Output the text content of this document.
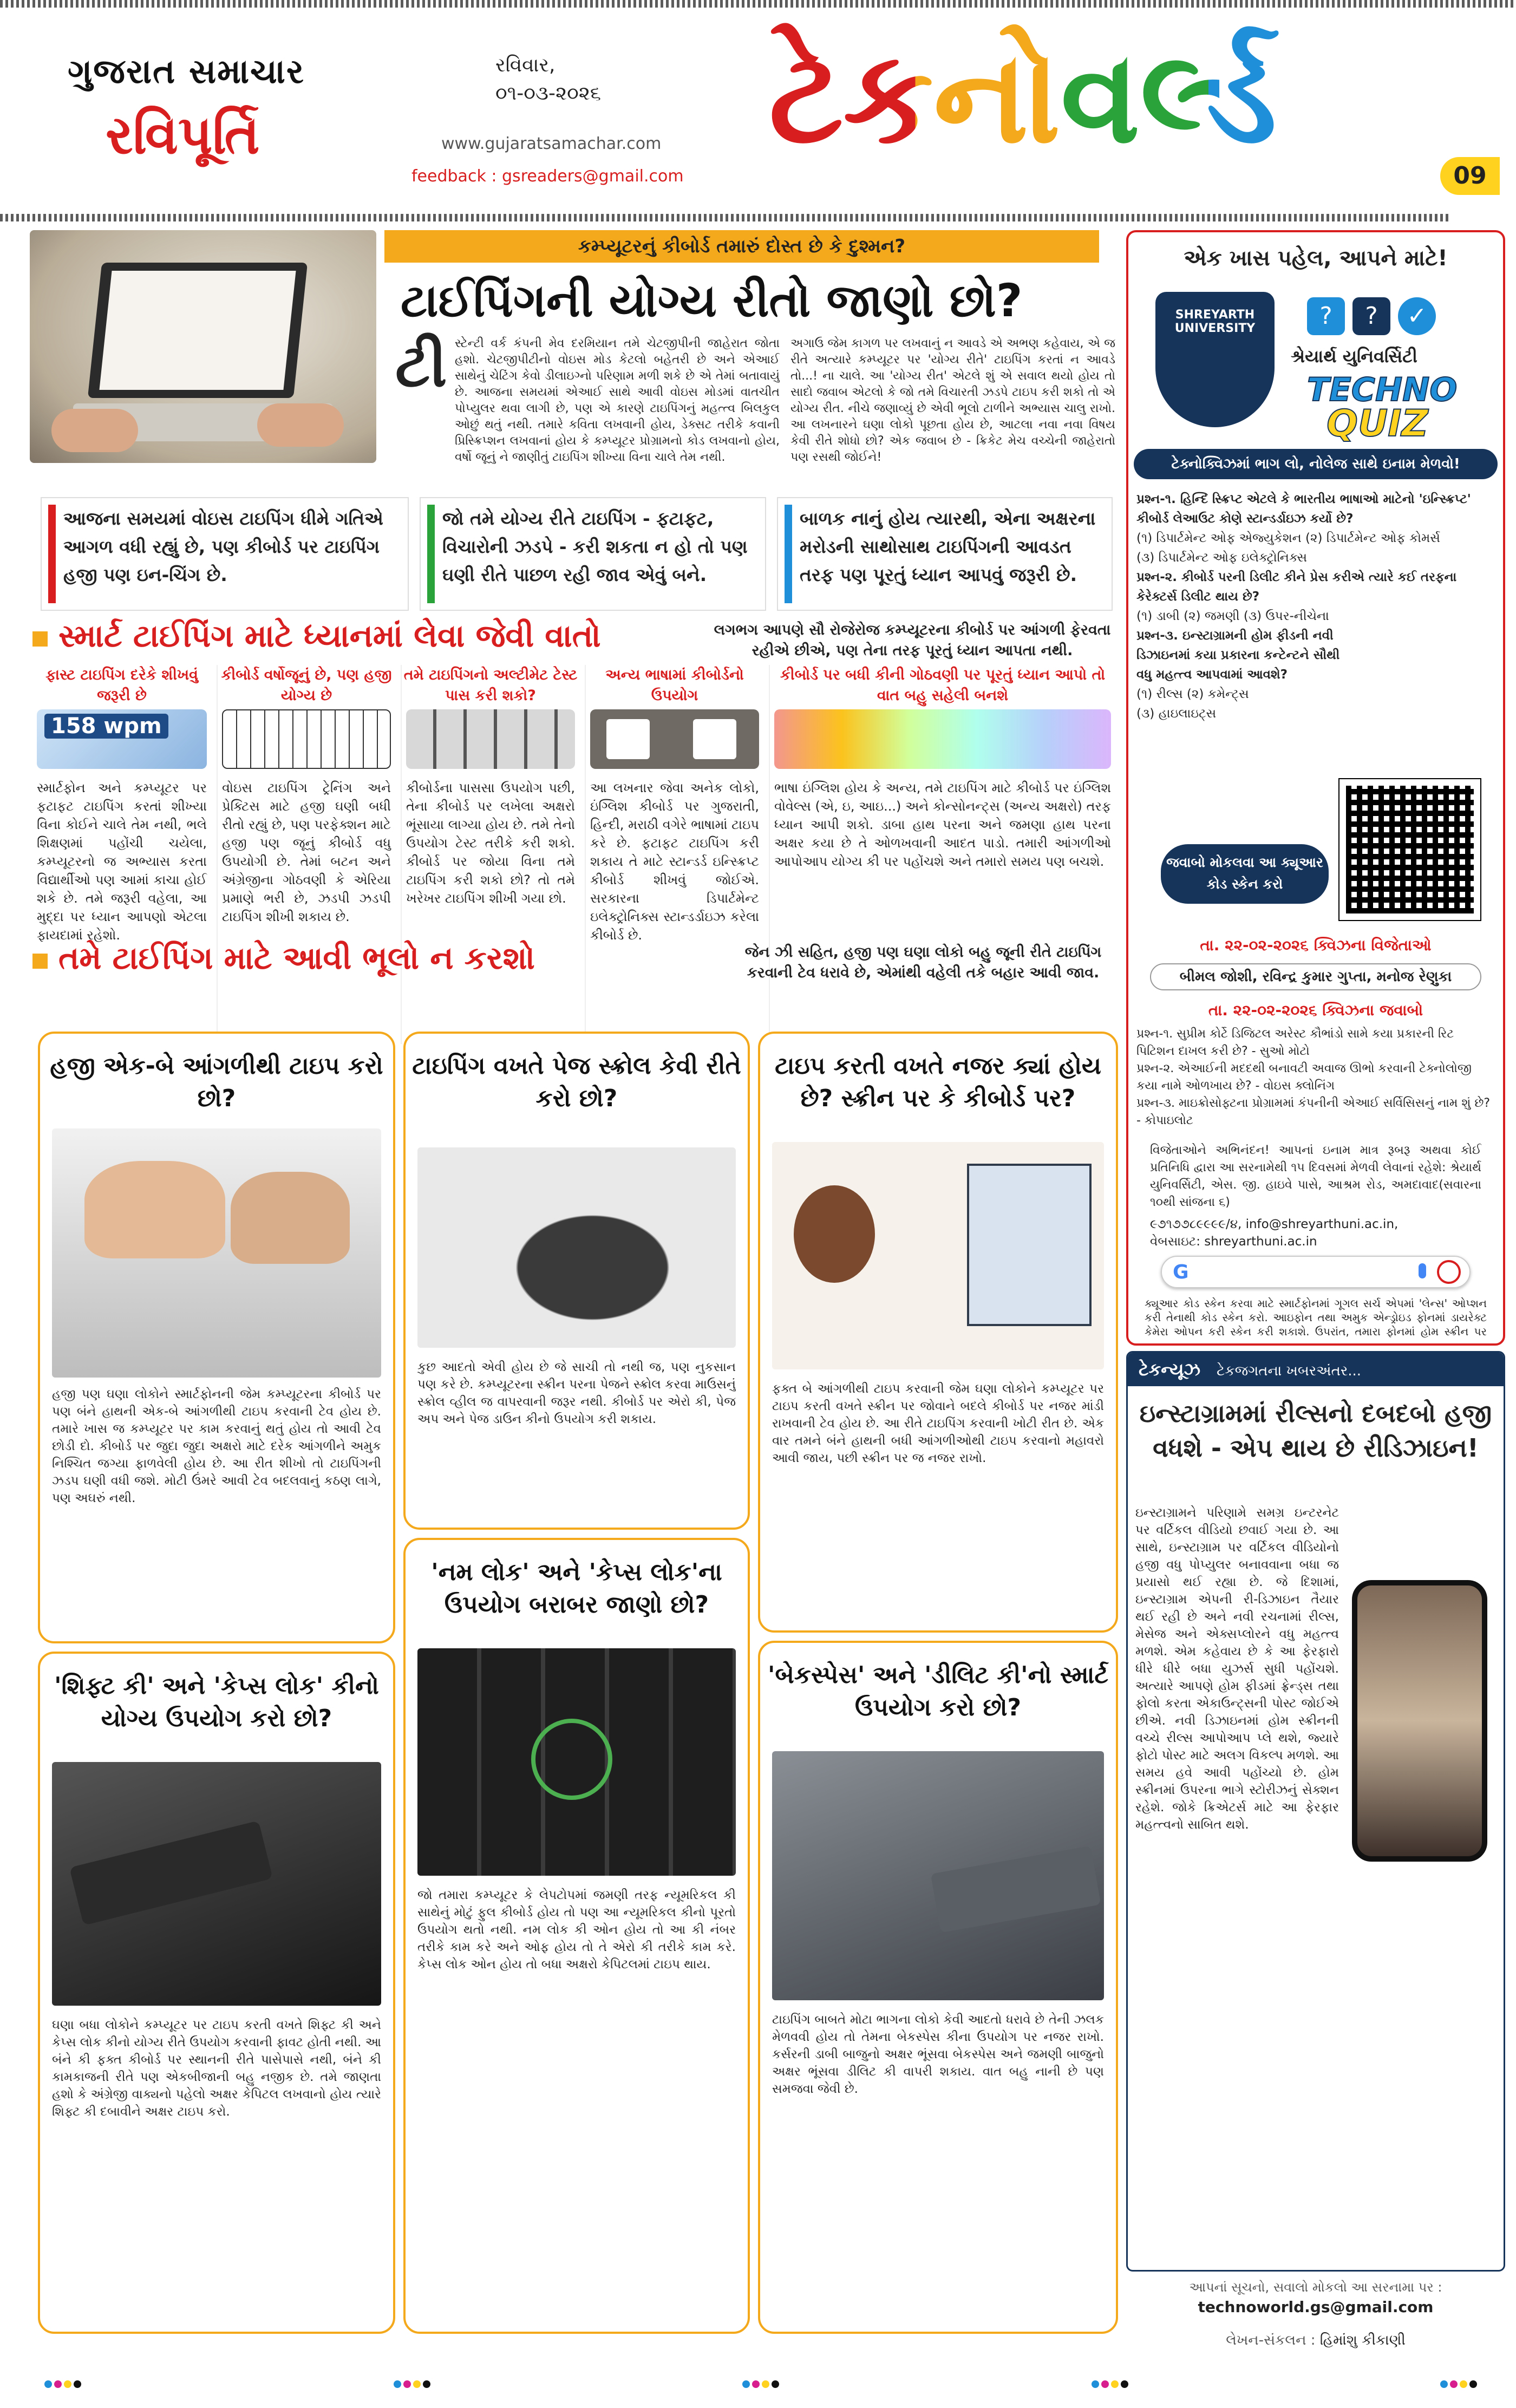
ગુજરાત સમાચાર
રવિપૂર્તિ
રવિવાર,
૦૧-૦૩-૨૦૨૬
www.gujaratsamachar.com
feedback : gsreaders@gmail.com
ટેકનોવર્લ્ડ
09
કમ્પ્યૂટરનું કીબોર્ડ તમારું દોસ્ત છે કે દુશ્મન?
ટાઈપિંગની યોગ્ય રીતો જાણો છો?
ટી સ્ટેન્ટી વર્ક કંપની મેવ દરમિયાન તમે ચેટજીપીની જાહેરાત જોતા હશો. ચેટજીપીટીનો વોઇસ મોડ કેટલો બહેતરી છે અને એઆઈ સાથેનું ચેટિંગ કેવો ડીલાઇગ્નો પરિણામ મળી શકે છે એ તેમાં બતાવાયું છે. આજના સમયમાં એઆઈ સાથે આવી વોઇસ મોડમાં વાતચીત પોપ્યુલર થવા લાગી છે, પણ એ કારણે ટાઇપિંગનું મહત્ત્વ બિલકુલ ઓછું થતું નથી. તમારે કવિતા લખવાની હોય, ડેક્સટ તરીકે કવાની પ્રિસ્ક્રિપ્શન લખવાનાં હોય કે કમ્પ્યૂટર પ્રોગ્રામનો કોડ લખવાનો હોય, વર્ષો જૂનું ને જાણીતું ટાઇપિંગ શીખ્યા વિના ચાલે તેમ નથી.
અગાઉ જેમ કાગળ પર લખવાનું ન આવડે એ અભણ કહેવાય, એ જ રીતે અત્યારે કમ્પ્યૂટર પર 'યોગ્ય રીતે' ટાઇપિંગ કરતાં ન આવડે તો...! ના ચાલે. આ 'યોગ્ય રીત' એટલે શું એ સવાલ થયો હોય તો સાદો જવાબ એટલો કે જો તમે વિચારતી ઝડપે ટાઇપ કરી શકો તો એ યોગ્ય રીત. નીચે જણાવ્યું છે એવી ભૂલો ટાળીને અભ્યાસ ચાલુ રાખો. આ લખનારને ઘણા લોકો પૂછતા હોય છે, આટલા નવા નવા વિષય કેવી રીતે શોધો છો? એક જવાબ છે - ક્રિકેટ મેચ વચ્ચેની જાહેરાતો પણ રસથી જોઈને!
આજના સમયમાં વોઇસ ટાઇપિંગ ધીમે ગતિએ આગળ વધી રહ્યું છે, પણ કીબોર્ડ પર ટાઇપિંગ હજી પણ ઇન-ચિંગ છે.
જો તમે યોગ્ય રીતે ટાઇપિંગ - ફટાફટ, વિચારોની ઝડપે - કરી શકતા ન હો તો પણ ઘણી રીતે પાછળ રહી જાવ એવું બને.
બાળક નાનું હોય ત્યારથી, એના અક્ષરના મરોડની સાથોસાથ ટાઇપિંગની આવડત તરફ પણ પૂરતું ધ્યાન આપવું જરૂરી છે.
સ્માર્ટ ટાઈપિંગ માટે ધ્યાનમાં લેવા જેવી વાતો	લગભગ આપણે સૌ રોજેરોજ કમ્પ્યૂટરના કીબોર્ડ પર આંગળી ફેરવતા રહીએ છીએ, પણ તેના તરફ પૂરતું ધ્યાન આપતા નથી.
ફાસ્ટ ટાઇપિંગ દરેકે શીખવું જરૂરી છે
158 wpm
સ્માર્ટફોન અને કમ્પ્યૂટર પર ફટાફટ ટાઇપિંગ કરતાં શીખ્યા વિના કોઈને ચાલે તેમ નથી, ભલે શિક્ષણમાં પહોંચી ચયેલા, કમ્પ્યૂટરનો જ અભ્યાસ કરતા વિદ્યાર્થીઓ પણ આમાં કાચા હોઈ શકે છે. તમે જરૂરી વહેલા, આ મુદ્દા પર ધ્યાન આપણો એટલા ફાયદામાં રહેશો.
કીબોર્ડ વર્ષોજૂનું છે, પણ હજી યોગ્ય છે
વોઇસ ટાઇપિંગ ટ્રેનિંગ અને પ્રેક્ટિસ માટે હજી ઘણી બધી રીતો રહ્યું છે, પણ પરફેક્શન માટે હજી પણ જૂનું કીબોર્ડ વધુ ઉપયોગી છે. તેમાં બટન અને અંગ્રેજીના ગોઠવણી કે એરિયા પ્રમાણે ભરી છે, ઝડપી ઝડપી ટાઇપિંગ શીખી શકાય છે.
તમે ટાઇપિંગનો અલ્ટીમેટ ટેસ્ટ પાસ કરી શકો?
કીબોર્ડના પાસસા ઉપયોગ પછી, તેના કીબોર્ડ પર લખેલા અક્ષરો ભૂંસાયા લાગ્યા હોય છે. તમે તેનો ઉપયોગ ટેસ્ટ તરીકે કરી શકો. કીબોર્ડ પર જોયા વિના તમે ટાઇપિંગ કરી શકો છો? તો તમે ખરેખર ટાઇપિંગ શીખી ગયા છો.
અન્ય ભાષામાં કીબોર્ડનો ઉપયોગ
આ લખનાર જેવા અનેક લોકો, ઇંગ્લિશ કીબોર્ડ પર ગુજરાતી, હિન્દી, મરાઠી વગેરે ભાષામાં ટાઇપ કરે છે. ફટાફટ ટાઇપિંગ કરી શકાય તે માટે સ્ટાન્ડર્ડ ઇન્સ્ક્રિપ્ટ કીબોર્ડ શીખવું જોઈએ. સરકારના ડિપાર્ટમેન્ટ ઇલેક્ટ્રોનિક્સ સ્ટાન્ડર્ડાઇઝ કરેલા કીબોર્ડ છે.
કીબોર્ડ પર બધી કીની ગોઠવણી પર પૂરતું ધ્યાન આપો તો વાત બહુ સહેલી બનશે
ભાષા ઇંગ્લિશ હોય કે અન્ય, તમે ટાઇપિંગ માટે કીબોર્ડ પર ઇંગ્લિશ વોવેલ્સ (એ, ઇ, આઇ...) અને કોન્સોનન્ટ્સ (અન્ય અક્ષરો) તરફ ધ્યાન આપી શકો. ડાબા હાથ પરના અને જમણા હાથ પરના અક્ષર કયા છે તે ઓળખવાની આદત પાડો. તમારી આંગળીઓ આપોઆપ યોગ્ય કી પર પહોંચશે અને તમારો સમય પણ બચશે.
તમે ટાઈપિંગ માટે આવી ભૂલો ન કરશો	જેન ઝી સહિત, હજી પણ ઘણા લોકો બહુ જૂની રીતે ટાઇપિંગ કરવાની ટેવ ધરાવે છે, એમાંથી વહેલી તકે બહાર આવી જાવ.
હજી એક-બે આંગળીથી ટાઇપ કરો છો?
હજી પણ ઘણા લોકોને સ્માર્ટફોનની જેમ કમ્પ્યૂટરના કીબોર્ડ પર પણ બંને હાથની એક-બે આંગળીથી ટાઇપ કરવાની ટેવ હોય છે. તમારે ખાસ જ કમ્પ્યૂટર પર કામ કરવાનું થતું હોય તો આવી ટેવ છોડી દો. કીબોર્ડ પર જુદા જુદા અક્ષરો માટે દરેક આંગળીને અમુક નિશ્ચિત જગ્યા ફાળવેલી હોય છે. આ રીત શીખો તો ટાઇપિંગની ઝડપ ઘણી વધી જશે. મોટી ઉંમરે આવી ટેવ બદલવાનું કઠણ લાગે, પણ અઘરું નથી.
ટાઇપિંગ વખતે પેજ સ્ક્રોલ કેવી રીતે કરો છો?
કુછ આદતો એવી હોય છે જે સાચી તો નથી જ, પણ નુકસાન પણ કરે છે. કમ્પ્યૂટરના સ્ક્રીન પરના પેજને સ્ક્રોલ કરવા માઉસનું સ્ક્રોલ વ્હીલ જ વાપરવાની જરૂર નથી. કીબોર્ડ પર એરો કી, પેજ અપ અને પેજ ડાઉન કીનો ઉપયોગ કરી શકાય.
ટાઇપ કરતી વખતે નજર ક્યાં હોય છે? સ્ક્રીન પર કે કીબોર્ડ પર?
ફક્ત બે આંગળીથી ટાઇપ કરવાની જેમ ઘણા લોકોને કમ્પ્યૂટર પર ટાઇપ કરતી વખતે સ્ક્રીન પર જોવાને બદલે કીબોર્ડ પર નજર માંડી રાખવાની ટેવ હોય છે. આ રીતે ટાઇપિંગ કરવાની ખોટી રીત છે. એક વાર તમને બંને હાથની બધી આંગળીઓથી ટાઇપ કરવાનો મહાવરો આવી જાય, પછી સ્ક્રીન પર જ નજર રાખો.
'નમ લોક' અને 'કેપ્સ લોક'ના ઉપયોગ બરાબર જાણો છો?
જો તમારા કમ્પ્યૂટર કે લેપટોપમાં જમણી તરફ ન્યૂમરિકલ કી સાથેનું મોટું ફુલ કીબોર્ડ હોય તો પણ આ ન્યૂમરિકલ કીનો પૂરતો ઉપયોગ થતો નથી. નમ લોક કી ઓન હોય તો આ કી નંબર તરીકે કામ કરે અને ઓફ હોય તો તે એરો કી તરીકે કામ કરે. કેપ્સ લોક ઓન હોય તો બધા અક્ષરો કેપિટલમાં ટાઇપ થાય.
'શિફ્ટ કી' અને 'કેપ્સ લોક' કીનો યોગ્ય ઉપયોગ કરો છો?
ઘણા બધા લોકોને કમ્પ્યૂટર પર ટાઇપ કરતી વખતે શિફ્ટ કી અને કેપ્સ લોક કીનો યોગ્ય રીતે ઉપયોગ કરવાની ફાવટ હોતી નથી. આ બંને કી ફક્ત કીબોર્ડ પર સ્થાનની રીતે પાસેપાસે નથી, બંને કી કામકાજની રીતે પણ એકબીજાની બહુ નજીક છે. તમે જાણતા હશો કે અંગ્રેજી વાક્યનો પહેલો અક્ષર કેપિટલ લખવાનો હોય ત્યારે શિફ્ટ કી દબાવીને અક્ષર ટાઇપ કરો.
'બેકસ્પેસ' અને 'ડીલિટ કી'નો સ્માર્ટ ઉપયોગ કરો છો?
ટાઇપિંગ બાબતે મોટા ભાગના લોકો કેવી આદતો ધરાવે છે તેની ઝલક મેળવવી હોય તો તેમના બેકસ્પેસ કીના ઉપયોગ પર નજર રાખો. કર્સરની ડાબી બાજુનો અક્ષર ભૂંસવા બેકસ્પેસ અને જમણી બાજુનો અક્ષર ભૂંસવા ડીલિટ કી વાપરી શકાય. વાત બહુ નાની છે પણ સમજવા જેવી છે.
એક ખાસ પહેલ, આપને માટે!
SHREYARTH UNIVERSITY	? ? ✓
શ્રેયાર્થ યુનિવર્સિટી
TECHNO
QUIZ
ટેક્નોક્વિઝમાં ભાગ લો, નોલેજ સાથે ઇનામ મેળવો!
પ્રશ્ન-૧. હિન્દિ સ્ક્રિપ્ટ એટલે કે ભારતીય ભાષાઓ માટેનો 'ઇન્સ્ક્રિપ્ટ' કીબોર્ડ લેઆઉટ કોણે સ્ટાન્ડર્ડાઇઝ કર્યો છે?
(૧) ડિપાર્ટમેન્ટ ઓફ એજ્યુકેશન (૨) ડિપાર્ટમેન્ટ ઓફ કોમર્સ
(૩) ડિપાર્ટમેન્ટ ઓફ ઇલેક્ટ્રોનિક્સ
પ્રશ્ન-૨. કીબોર્ડ પરની ડિલીટ કીને પ્રેસ કરીએ ત્યારે કઈ તરફના કેરેક્ટર્સ ડિલીટ થાય છે?
(૧) ડાબી (૨) જમણી (૩) ઉપર-નીચેના
પ્રશ્ન-૩. ઇન્સ્ટાગ્રામની હોમ ફીડની નવી ડિઝાઇનમાં કયા પ્રકારના કન્ટેન્ટને સૌથી વધુ મહત્ત્વ આપવામાં આવશે?
(૧) રીલ્સ (૨) કમેન્ટ્સ
(૩) હાઇલાઇટ્સ
જવાબો મોકલવા આ ક્યૂઆર કોડ સ્કેન કરો
તા. ૨૨-૦૨-૨૦૨૬ ક્વિઝના વિજેતાઓ
બીમલ જોશી, રવિન્દ્ર કુમાર ગુપ્તા, મનોજ રેણુકા
તા. ૨૨-૦૨-૨૦૨૬ ક્વિઝના જવાબો
પ્રશ્ન-૧. સુપ્રીમ કોર્ટે ડિજિટલ અરેસ્ટ કૌભાંડો સામે કયા પ્રકારની રિટ પિટિશન દાખલ કરી છે? - સુઓ મોટો
પ્રશ્ન-૨. એઆઈની મદદથી બનાવટી અવાજ ઊભો કરવાની ટેક્નોલોજી કયા નામે ઓળખાય છે? - વોઇસ ક્લોનિંગ
પ્રશ્ન-૩. માઇક્રોસોફ્ટના પ્રોગ્રામમાં કંપનીની એઆઈ સર્વિસિસનું નામ શું છે? - કોપાઇલોટ
વિજેતાઓને અભિનંદન! આપનાં ઇનામ માત્ર રૂબરૂ અથવા કોઈ પ્રતિનિધિ દ્વારા આ સરનામેથી ૧૫ દિવસમાં મેળવી લેવાનાં રહેશે: શ્રેયાર્થ યુનિવર્સિટી, એસ. જી. હાઇવે પાસે, આશ્રમ રોડ, અમદાવાદ(સવારના ૧૦થી સાંજના ૬)
૯૭૧૭૭૮૯૯૯૯/૪, info@shreyarthuni.ac.in,
વેબસાઇટ: shreyarthuni.ac.in
G
ક્યૂઆર કોડ સ્કેન કરવા માટે સ્માર્ટફોનમાં ગૂગલ સર્ચ એપમાં 'લેન્સ' ઓપ્શન કરી તેનાથી કોડ સ્કેન કરો. આઇફોન તથા અમુક એન્ડ્રોઇડ ફોનમાં ડાયરેક્ટ કેમેરા ઓપન કરી સ્કેન કરી શકાશે. ઉપરાંત, તમારા ફોનમાં હોમ સ્ક્રીન પર
ટેકન્યૂઝ ટેકજગતના ખબરઅંતર...
ઇન્સ્ટાગ્રામમાં રીલ્સનો દબદબો હજી વધશે - એપ થાય છે રીડિઝાઇન!
ઇન્સ્ટાગ્રામને પરિણામે સમગ્ર ઇન્ટરનેટ પર વર્ટિકલ વીડિયો છવાઈ ગયા છે. આ સાથે, ઇન્સ્ટાગ્રામ પર વર્ટિકલ વીડિયોનો હજી વધુ પોપ્યુલર બનાવવાના બધા જ પ્રયાસો થઈ રહ્યા છે. જે દિશામાં, ઇન્સ્ટાગ્રામ એપની રી-ડિઝાઇન તૈયાર થઈ રહી છે અને નવી રચનામાં રીલ્સ, મેસેજ અને એક્સપ્લોરને વધુ મહત્ત્વ મળશે. એમ કહેવાય છે કે આ ફેરફારો ધીરે ધીરે બધા યુઝર્સ સુધી પહોંચશે. અત્યારે આપણે હોમ ફીડમાં ફ્રેન્ડ્સ તથા ફોલો કરતા એકાઉન્ટ્સની પોસ્ટ જોઈએ છીએ. નવી ડિઝાઇનમાં હોમ સ્ક્રીનની વચ્ચે રીલ્સ આપોઆપ પ્લે થશે, જ્યારે ફોટો પોસ્ટ માટે અલગ વિકલ્પ મળશે. આ સમય હવે આવી પહોંચ્યો છે. હોમ સ્ક્રીનમાં ઉપરના ભાગે સ્ટોરીઝનું સેક્શન રહેશે. જોકે ક્રિએટર્સ માટે આ ફેરફાર મહત્ત્વનો સાબિત થશે.
આપનાં સૂચનો, સવાલો મોકલો આ સરનામા પર :
technoworld.gs@gmail.com
લેખન-સંકલન : હિમાંશુ કીકાણી
